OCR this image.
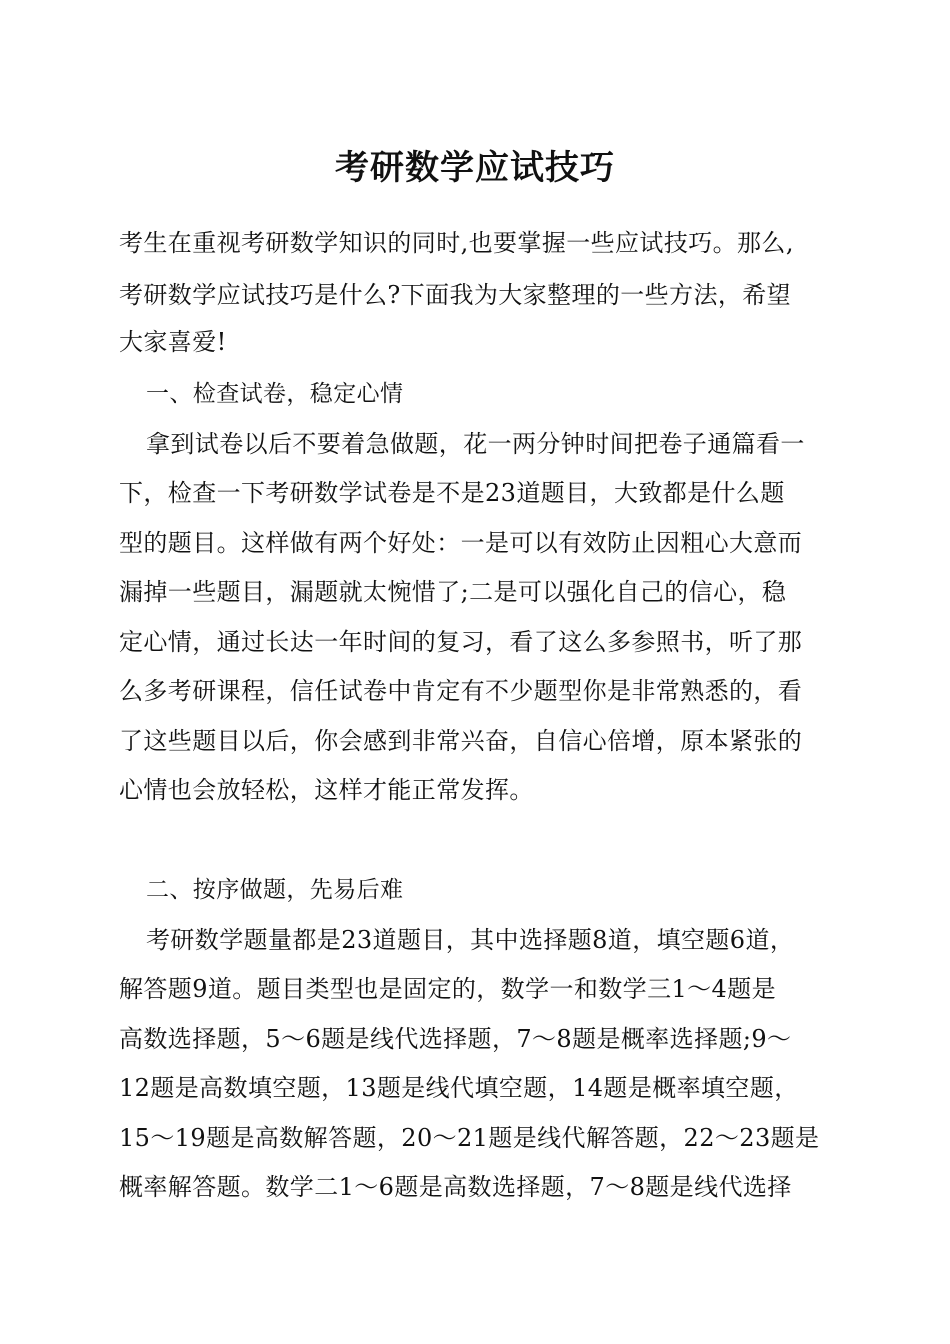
考研数学应试技巧
考生在重视考研数学知识的同时,也要掌握一些应试技巧。那么,
考研数学应试技巧是什么?下面我为大家整理的一些方法，希望
大家喜爱!
一、检查试卷，稳定心情
拿到试卷以后不要着急做题，花一两分钟时间把卷子通篇看一
下，检查一下考研数学试卷是不是23道题目，大致都是什么题
型的题目。这样做有两个好处：一是可以有效防止因粗心大意而
漏掉一些题目，漏题就太惋惜了;二是可以强化自己的信心，稳
定心情，通过长达一年时间的复习，看了这么多参照书，听了那
么多考研课程，信任试卷中肯定有不少题型你是非常熟悉的，看
了这些题目以后，你会感到非常兴奋，自信心倍增，原本紧张的
心情也会放轻松，这样才能正常发挥。
二、按序做题，先易后难
考研数学题量都是23道题目，其中选择题8道，填空题6道，
解答题9道。题目类型也是固定的，数学一和数学三1～4题是
高数选择题，5～6题是线代选择题，7～8题是概率选择题;9～
12题是高数填空题，13题是线代填空题，14题是概率填空题，
15～19题是高数解答题，20～21题是线代解答题，22～23题是
概率解答题。数学二1～6题是高数选择题，7～8题是线代选择
